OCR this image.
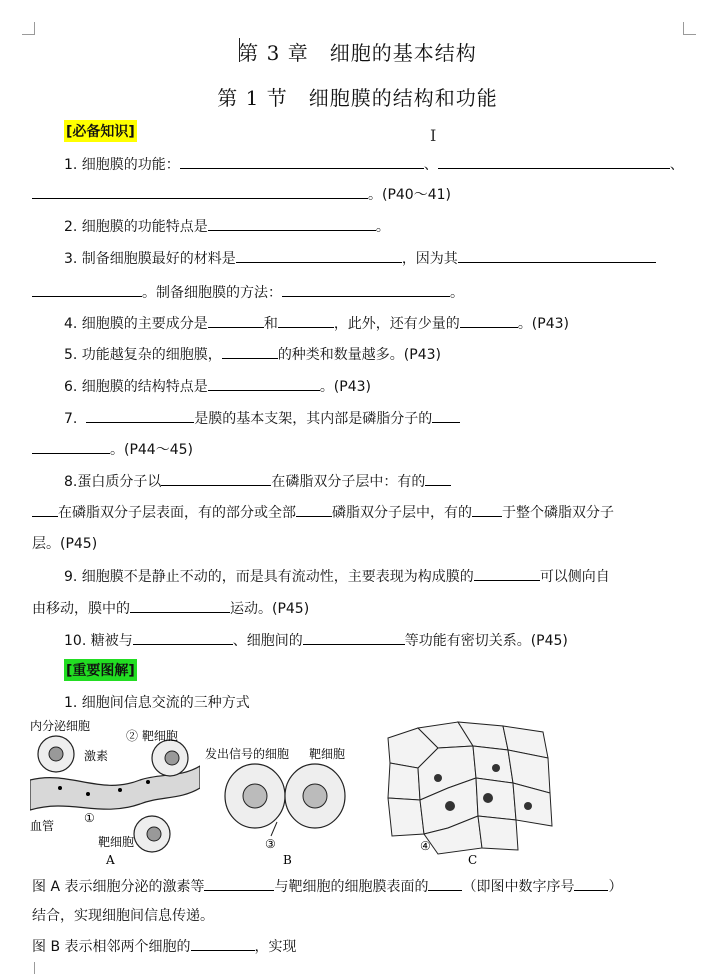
I
第 3 章　细胞的基本结构
第 1 节　细胞膜的结构和功能
[必备知识]
1. 细胞膜的功能：	、	、
。(P40～41)
2. 细胞膜的功能特点是	。
3. 制备细胞膜最好的材料是	，因为其
。制备细胞膜的方法：	。
4. 细胞膜的主要成分是	和	，此外，还有少量的	。(P43)
5. 功能越复杂的细胞膜，	的种类和数量越多。(P43)
6. 细胞膜的结构特点是	。(P43)
7.	是膜的基本支架，其内部是磷脂分子的
。(P44～45)
8.蛋白质分子以	在磷脂双分子层中：有的
在磷脂双分子层表面，有的部分或全部	磷脂双分子层中，有的 于整个磷脂双分子
层。(P45)
9. 细胞膜不是静止不动的，而是具有流动性，主要表现为构成膜的	可以侧向自
由移动，膜中的	运动。(P45)
10. 糖被与	、细胞间的	等功能有密切关系。(P45)
[重要图解]
1. 细胞间信息交流的三种方式
内分泌细胞
② 靶细胞
激素
血管
①
靶细胞
A
发出信号的细胞 靶细胞
③
B
④
C
图 A 表示细胞分泌的激素等	与靶细胞的细胞膜表面的 （即图中数字序号 ）
结合，实现细胞间信息传递。
图 B 表示相邻两个细胞的	，实现
